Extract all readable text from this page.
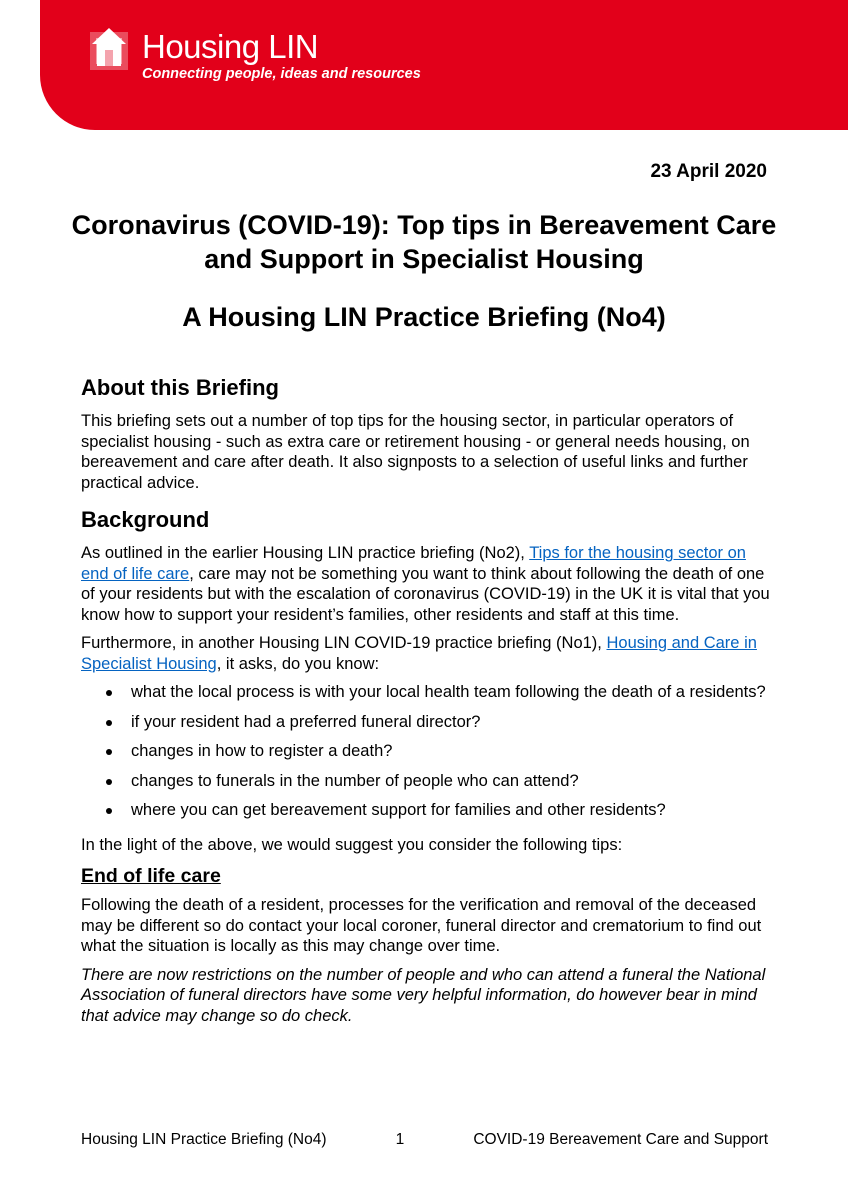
Housing LIN
Connecting people, ideas and resources
23 April 2020
Coronavirus (COVID-19): Top tips in Bereavement Care and Support in Specialist Housing
A Housing LIN Practice Briefing (No4)
About this Briefing

This briefing sets out a number of top tips for the housing sector, in particular operators of specialist housing - such as extra care or retirement housing - or general needs housing, on bereavement and care after death. It also signposts to a selection of useful links and further practical advice.

Background

As outlined in the earlier Housing LIN practice briefing (No2), Tips for the housing sector on end of life care, care may not be something you want to think about following the death of one of your residents but with the escalation of coronavirus (COVID-19) in the UK it is vital that you know how to support your resident’s families, other residents and staff at this time.

Furthermore, in another Housing LIN COVID-19 practice briefing (No1), Housing and Care in Specialist Housing, it asks, do you know:

what the local process is with your local health team following the death of a residents?
if your resident had a preferred funeral director?
changes in how to register a death?
changes to funerals in the number of people who can attend?
where you can get bereavement support for families and other residents?

In the light of the above, we would suggest you consider the following tips:

End of life care

Following the death of a resident, processes for the verification and removal of the deceased may be different so do contact your local coroner, funeral director and crematorium to find out what the situation is locally as this may change over time.

There are now restrictions on the number of people and who can attend a funeral the National Association of funeral directors have some very helpful information, do however bear in mind that advice may change so do check.

Housing LIN Practice Briefing (No4)	1	COVID-19 Bereavement Care and Support
